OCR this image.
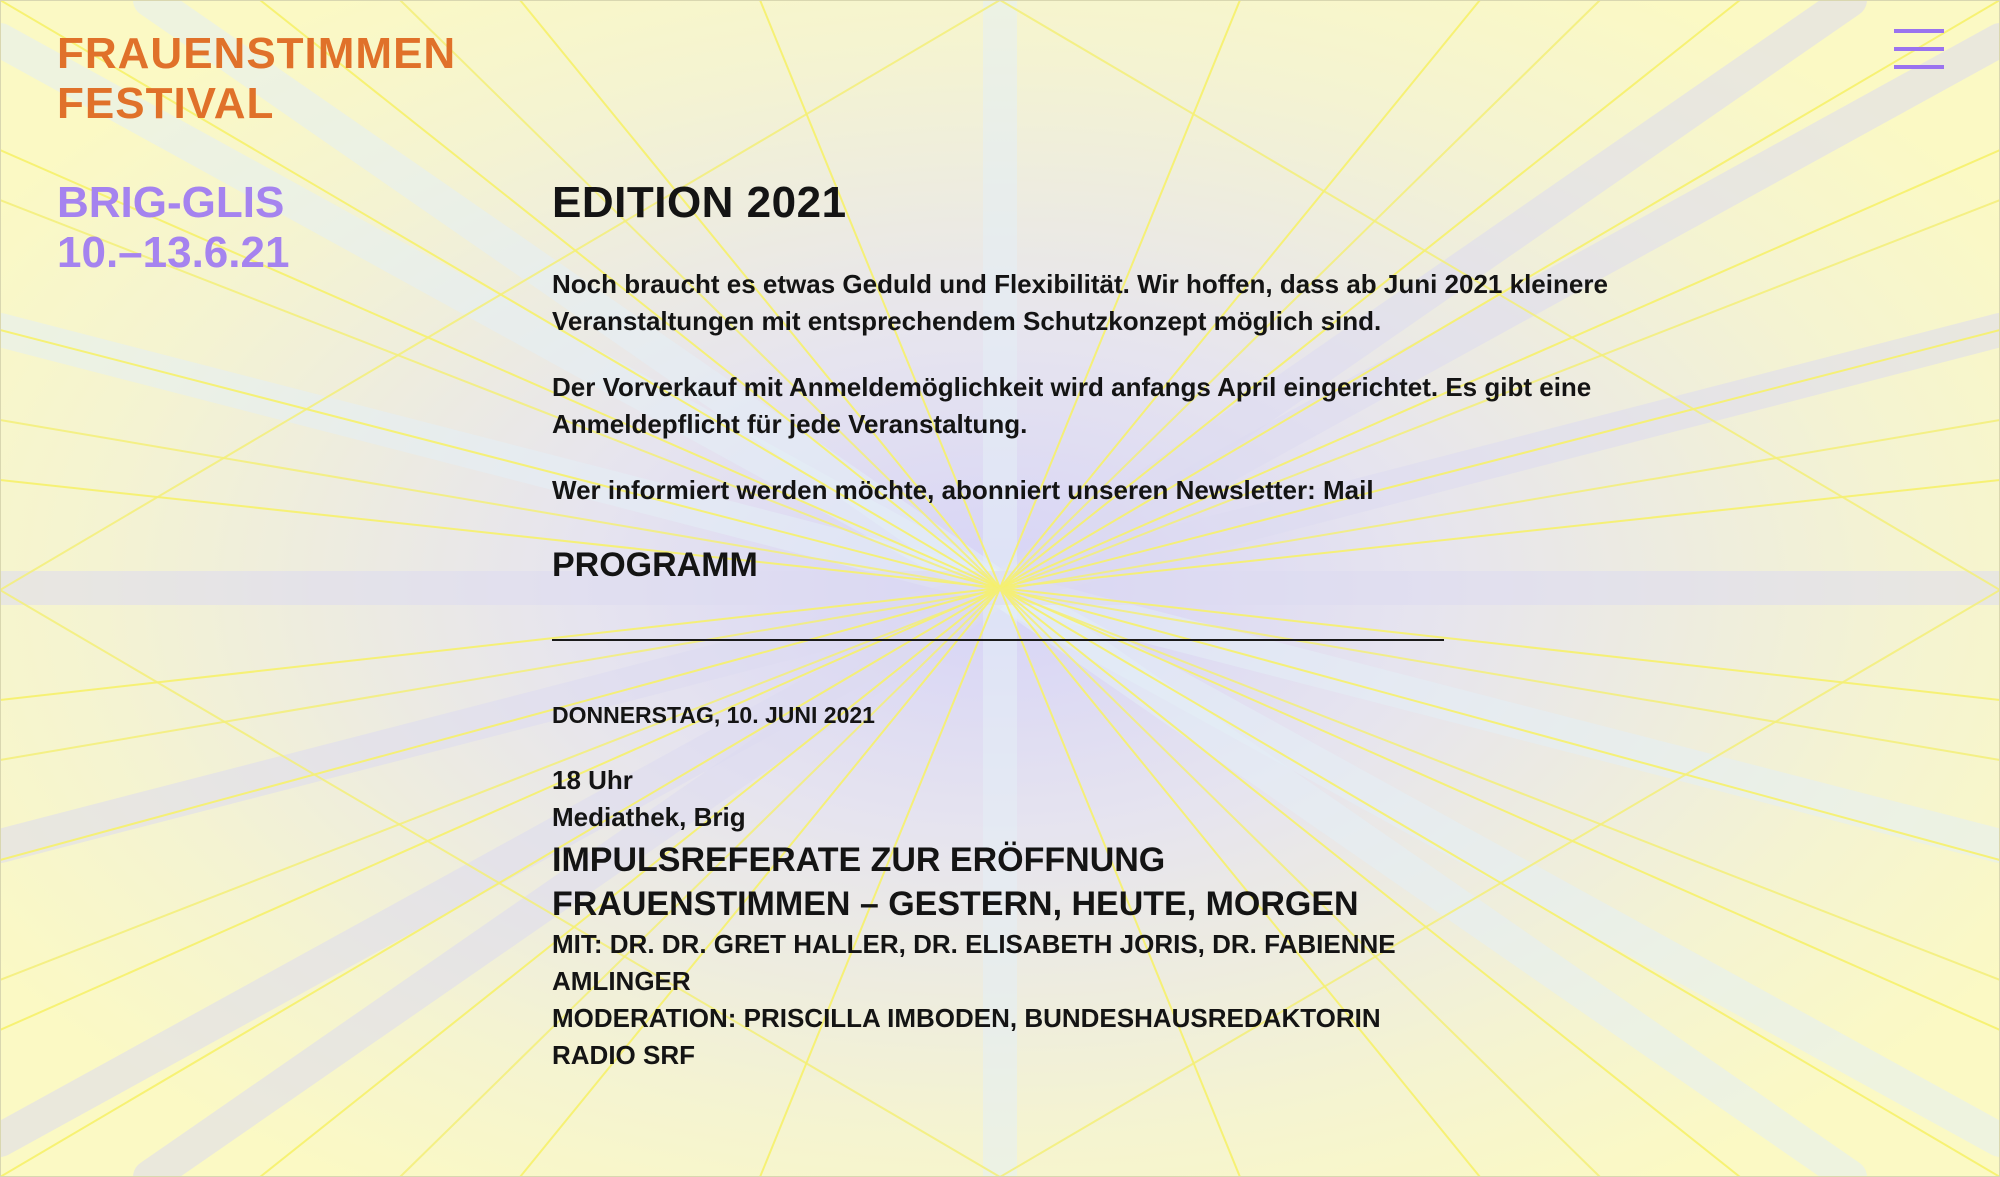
FRAUENSTIMMEN
FESTIVAL
BRIG-GLIS
10.–13.6.21
EDITION 2021

Noch braucht es etwas Geduld und Flexibilität. Wir hoffen, dass ab Juni 2021 kleinere Veranstaltungen mit entsprechendem Schutzkonzept möglich sind.

Der Vorverkauf mit Anmeldemöglichkeit wird anfangs April eingerichtet. Es gibt eine Anmeldepflicht für jede Veranstaltung.

Wer informiert werden möchte, abonniert unseren Newsletter: Mail

PROGRAMM
DONNERSTAG, 10. JUNI 2021
18 Uhr
Mediathek, Brig
IMPULSREFERATE ZUR ERÖFFNUNG
FRAUENSTIMMEN – GESTERN, HEUTE, MORGEN
MIT: DR. DR. GRET HALLER, DR. ELISABETH JORIS, DR. FABIENNE AMLINGER
MODERATION: PRISCILLA IMBODEN, BUNDESHAUSREDAKTORIN RADIO SRF
